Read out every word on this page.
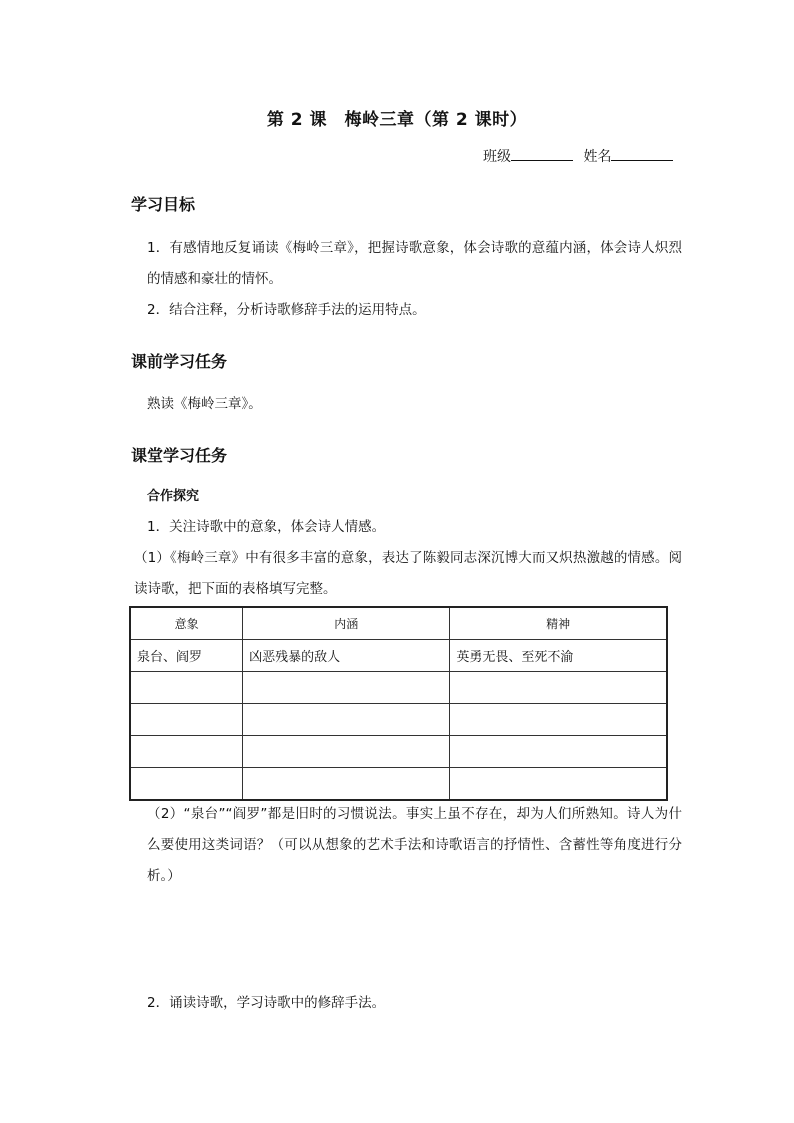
第 2 课　梅岭三章（第 2 课时）
班级	姓名
学习目标
1．有感情地反复诵读《梅岭三章》，把握诗歌意象，体会诗歌的意蕴内涵，体会诗人炽烈的情感和豪壮的情怀。
2．结合注释，分析诗歌修辞手法的运用特点。
课前学习任务
熟读《梅岭三章》。
课堂学习任务
合作探究
1．关注诗歌中的意象，体会诗人情感。
（1）《梅岭三章》中有很多丰富的意象，表达了陈毅同志深沉博大而又炽热激越的情感。阅读诗歌，把下面的表格填写完整。
意象	内涵	精神
泉台、阎罗	凶恶残暴的敌人	英勇无畏、至死不渝

（2）“泉台”“阎罗”都是旧时的习惯说法。事实上虽不存在，却为人们所熟知。诗人为什么要使用这类词语？（可以从想象的艺术手法和诗歌语言的抒情性、含蓄性等角度进行分析。）
2．诵读诗歌，学习诗歌中的修辞手法。
